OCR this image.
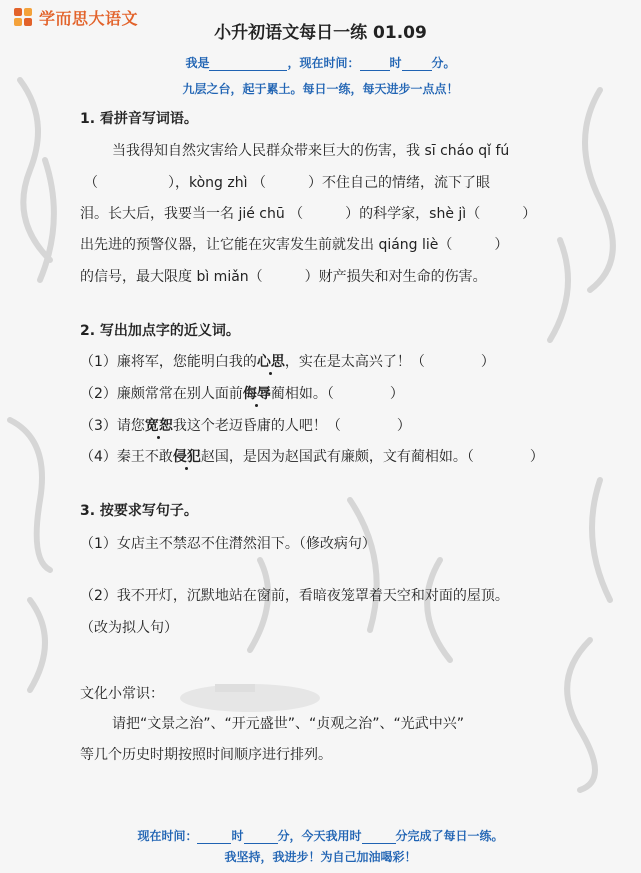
学而思大语文
小升初语文每日一练 01.09
我是	，现在时间：	时	分。
九层之台，起于累土。每日一练，每天进步一点点！
1. 看拼音写词语。
当我得知自然灾害给人民群众带来巨大的伤害，我 sī cháo qǐ fú
（　　　　　），kòng zhì （　　　）不住自己的情绪，流下了眼
泪。长大后，我要当一名 jié chū （　　　）的科学家，shè jì（　　　）
出先进的预警仪器，让它能在灾害发生前就发出 qiáng liè（　　　）
的信号，最大限度 bì miǎn（　　　）财产损失和对生命的伤害。
2. 写出加点字的近义词。
（1）廉将军，您能明白我的心思，实在是太高兴了！（　　　　）
（2）廉颇常常在别人面前侮辱蔺相如。（　　　　）
（3）请您宽恕我这个老迈昏庸的人吧！（　　　　）
（4）秦王不敢侵犯赵国，是因为赵国武有廉颇，文有蔺相如。（　　　　）
3. 按要求写句子。
（1）女店主不禁忍不住潸然泪下。（修改病句）
（2）我不开灯，沉默地站在窗前，看暗夜笼罩着天空和对面的屋顶。
（改为拟人句）
文化小常识：
请把“文景之治”、“开元盛世”、“贞观之治”、“光武中兴”
等几个历史时期按照时间顺序进行排列。
现在时间：	时	分，今天我用时	分完成了每日一练。
我坚持，我进步！为自己加油喝彩！
